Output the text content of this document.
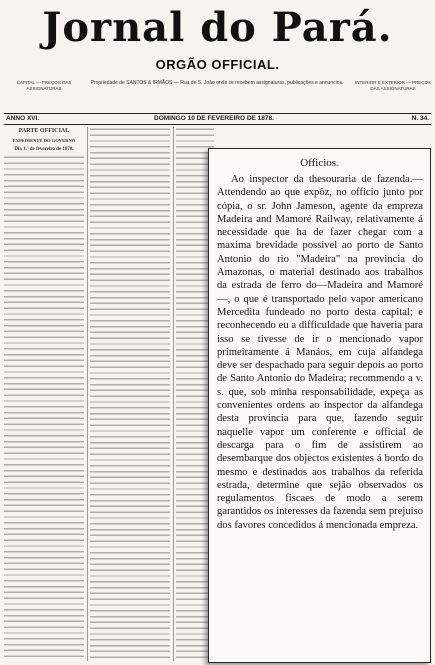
Jornal do Pará.
ORGÃO OFFICIAL.
CAPITAL — PREÇOS DAS ASSIGNATURAS
Propriedade de SANTOS & IRMÃOS — Rua de S. João onde se recebem assignaturas, publicações e annuncios.	INTERIOR E EXTERIOR — PREÇOS DAS ASSIGNATURAS
ANNO XVI.	DOMINGO 10 DE FEVEREIRO DE 1878.	N. 34.
PARTE OFFICIAL
EXPEDIENTE DO GOVERNO
Dia 1.º de fevereiro de 1878.
Officios.

Ao inspector da thesouraria de fazenda.—Attendendo ao que expôz, no officio junto por cópia, o sr. John Jameson, agente da empreza Madeira and Mamoré Railway, relativamente á necessidade que ha de fazer chegar com a maxima brevidade possivel ao porto de Santo Antonio do rio "Madeira" na provincia do Amazonas, o material destinado aos trabalhos da estrada de ferro do—Madeira and Mamoré—, o que é transportado pelo vapor americano Mercedita fundeado no porto desta capital; e reconhecendo eu a difficuldade que haveria para isso se tivesse de ir o mencionado vapor primeiramente á Manáos, em cuja alfandega deve ser despachado para seguir depois ao porto de Santo Antonio do Madeira; recommendo a v. s. que, sob minha responsabilidade, expeça as convenientes ordens ao inspector da alfandega desta provincia para que, fazendo seguir naquelle vapor um conferente e official de descarga para o fim de assistirem ao desembarque dos objectos existentes á bordo do mesmo e destinados aos trabalhos da referida estrada, determine que sejão observados os regulamentos fiscaes de modo a serem garantidos os interesses da fazenda sem prejuiso dos favores concedidos á mencionada empreza.
